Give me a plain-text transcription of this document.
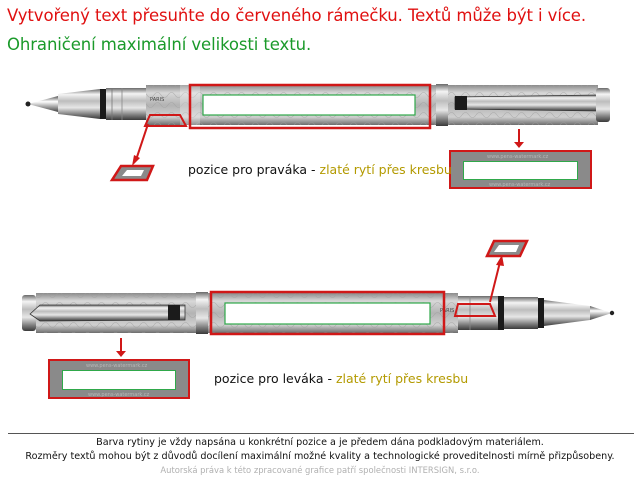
Vytvořený text přesuňte do červeného rámečku. Textů může být i více.
Ohraničení maximální velikosti textu.
PARIS
PARIS
www.pens-watermark.cz
www.pens-watermark.cz
www.pens-watermark.cz
www.pens-watermark.cz
pozice pro praváka - zlaté rytí přes kresbu
pozice pro leváka - zlaté rytí přes kresbu
Barva rytiny je vždy napsána u konkrétní pozice a je předem dána podkladovým materiálem.
Rozměry textů mohou být z důvodů docílení maximální možné kvality a technologické proveditelnosti mírně přizpůsobeny.
Autorská práva k této zpracované grafice patří společnosti INTERSIGN, s.r.o.
